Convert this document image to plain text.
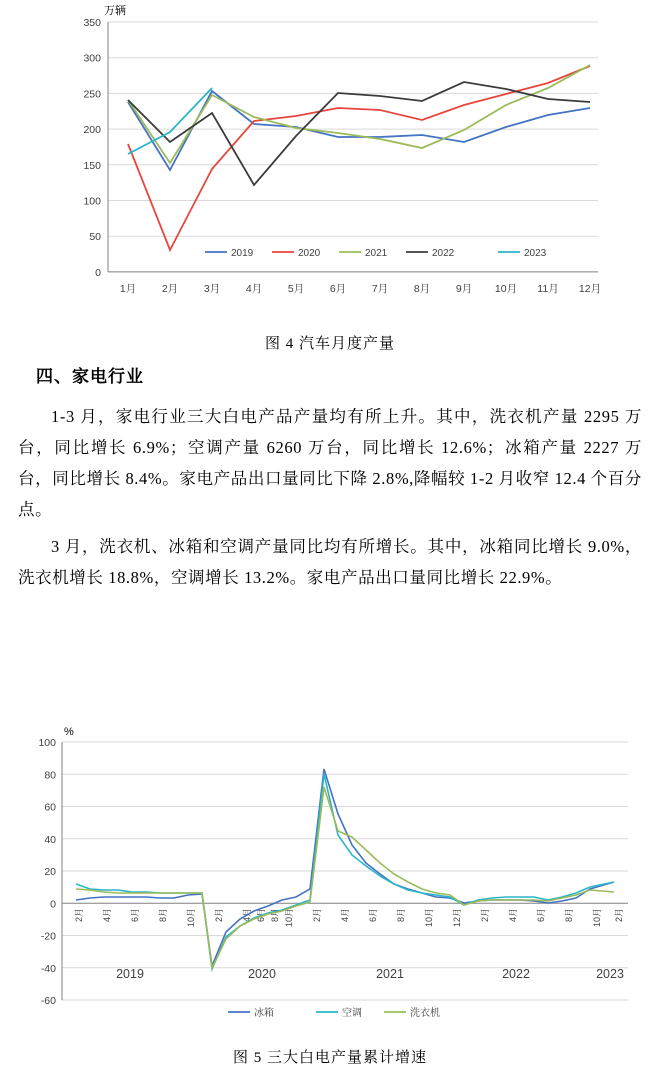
350
300
250
200
150
100
50
0
万辆
1月 2月 3月 4月 5月 6月 7月 8月 9月 10月 11月 12月
2019	2020	2021	2022	2023
图 4 汽车月度产量
四、家电行业

1-3 月，家电行业三大白电产品产量均有所上升。其中，洗衣机产量 2295 万台，同比增长 6.9%；空调产量 6260 万台，同比增长 12.6%；冰箱产量 2227 万台，同比增长 8.4%。家电产品出口量同比下降 2.8%,降幅较 1-2 月收窄 12.4 个百分点。

3 月，洗衣机、冰箱和空调产量同比均有所增长。其中，冰箱同比增长 9.0%，洗衣机增长 18.8%，空调增长 13.2%。家电产品出口量同比增长 22.9%。

100
80
60
40
20
0
-20
-40
-60
%
2月 4月 6月 8月 10月 2月 4月 6月 8月 10月 2月 4月 6月 8月 10月 12月 2月 4月 6月 8月 10月 2月
2019	2020	2021	2022	2023
冰箱	空调	洗衣机
图 5 三大白电产量累计增速
